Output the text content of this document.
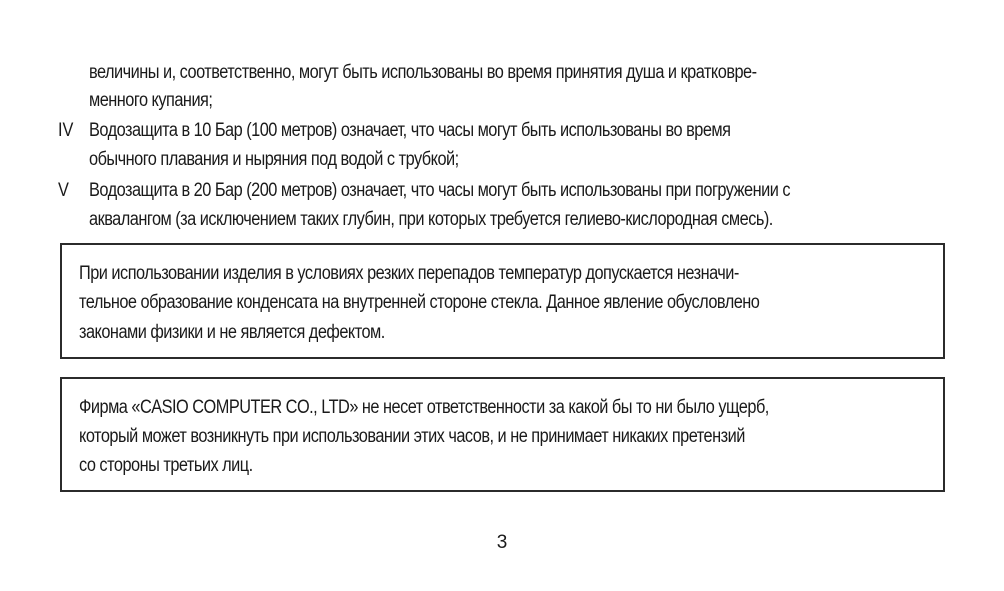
величины и, соответственно, могут быть использованы во время принятия душа и кратковре-
менного купания;
IV Водозащита в 10 Бар (100 метров) означает, что часы могут быть использованы во время
обычного плавания и ныряния под водой с трубкой;
V Водозащита в 20 Бар (200 метров) означает, что часы могут быть использованы при погружении с
аквалангом (за исключением таких глубин, при которых требуется гелиево-кислородная смесь).
При использовании изделия в условиях резких перепадов температур допускается незначи-
тельное образование конденсата на внутренней стороне стекла. Данное явление обусловлено
законами физики и не является дефектом.
Фирма «CASIO COMPUTER CO., LTD» не несет ответственности за какой бы то ни было ущерб,
который может возникнуть при использовании этих часов, и не принимает никаких претензий
со стороны третьих лиц.
3
